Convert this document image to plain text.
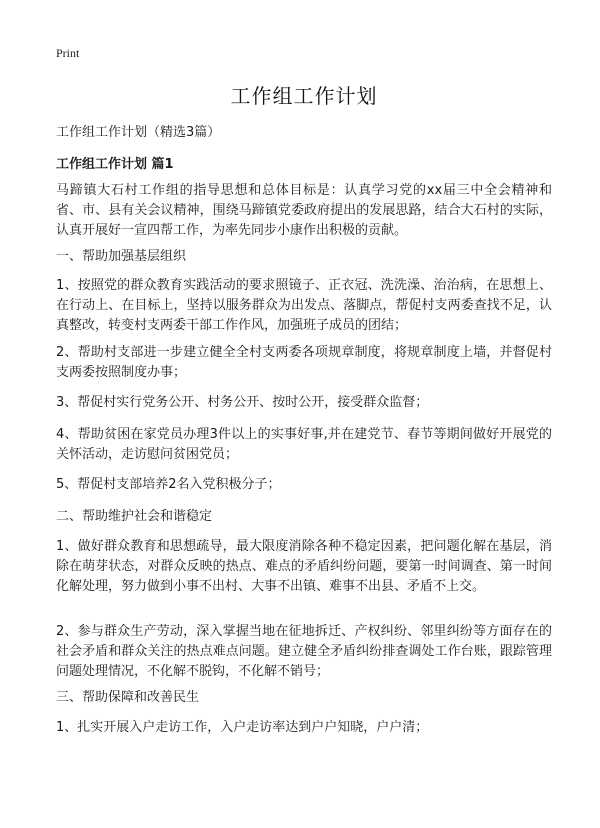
Print
工作组工作计划
工作组工作计划（精选3篇）
工作组工作计划 篇1
马蹄镇大石村工作组的指导思想和总体目标是：认真学习党的xx届三中全会精神和省、市、县有关会议精神，围绕马蹄镇党委政府提出的发展思路，结合大石村的实际，认真开展好一宣四帮工作，为率先同步小康作出积极的贡献。
一、帮助加强基层组织
1、按照党的群众教育实践活动的要求照镜子、正衣冠、洗洗澡、治治病，在思想上、在行动上、在目标上，坚持以服务群众为出发点、落脚点，帮促村支两委查找不足，认真整改，转变村支两委干部工作作风，加强班子成员的团结；
2、帮助村支部进一步建立健全全村支两委各项规章制度，将规章制度上墙，并督促村支两委按照制度办事；
3、帮促村实行党务公开、村务公开、按时公开，接受群众监督；
4、帮助贫困在家党员办理3件以上的实事好事,并在建党节、春节等期间做好开展党的关怀活动，走访慰问贫困党员；
5、帮促村支部培养2名入党积极分子；
二、帮助维护社会和谐稳定
1、做好群众教育和思想疏导，最大限度消除各种不稳定因素，把问题化解在基层，消除在萌芽状态，对群众反映的热点、难点的矛盾纠纷问题，要第一时间调查、第一时间化解处理，努力做到小事不出村、大事不出镇、难事不出县、矛盾不上交。
2、参与群众生产劳动，深入掌握当地在征地拆迁、产权纠纷、邻里纠纷等方面存在的社会矛盾和群众关注的热点难点问题。建立健全矛盾纠纷排查调处工作台账，跟踪管理问题处理情况，不化解不脱钩，不化解不销号；
三、帮助保障和改善民生
1、扎实开展入户走访工作，入户走访率达到户户知晓，户户清；
